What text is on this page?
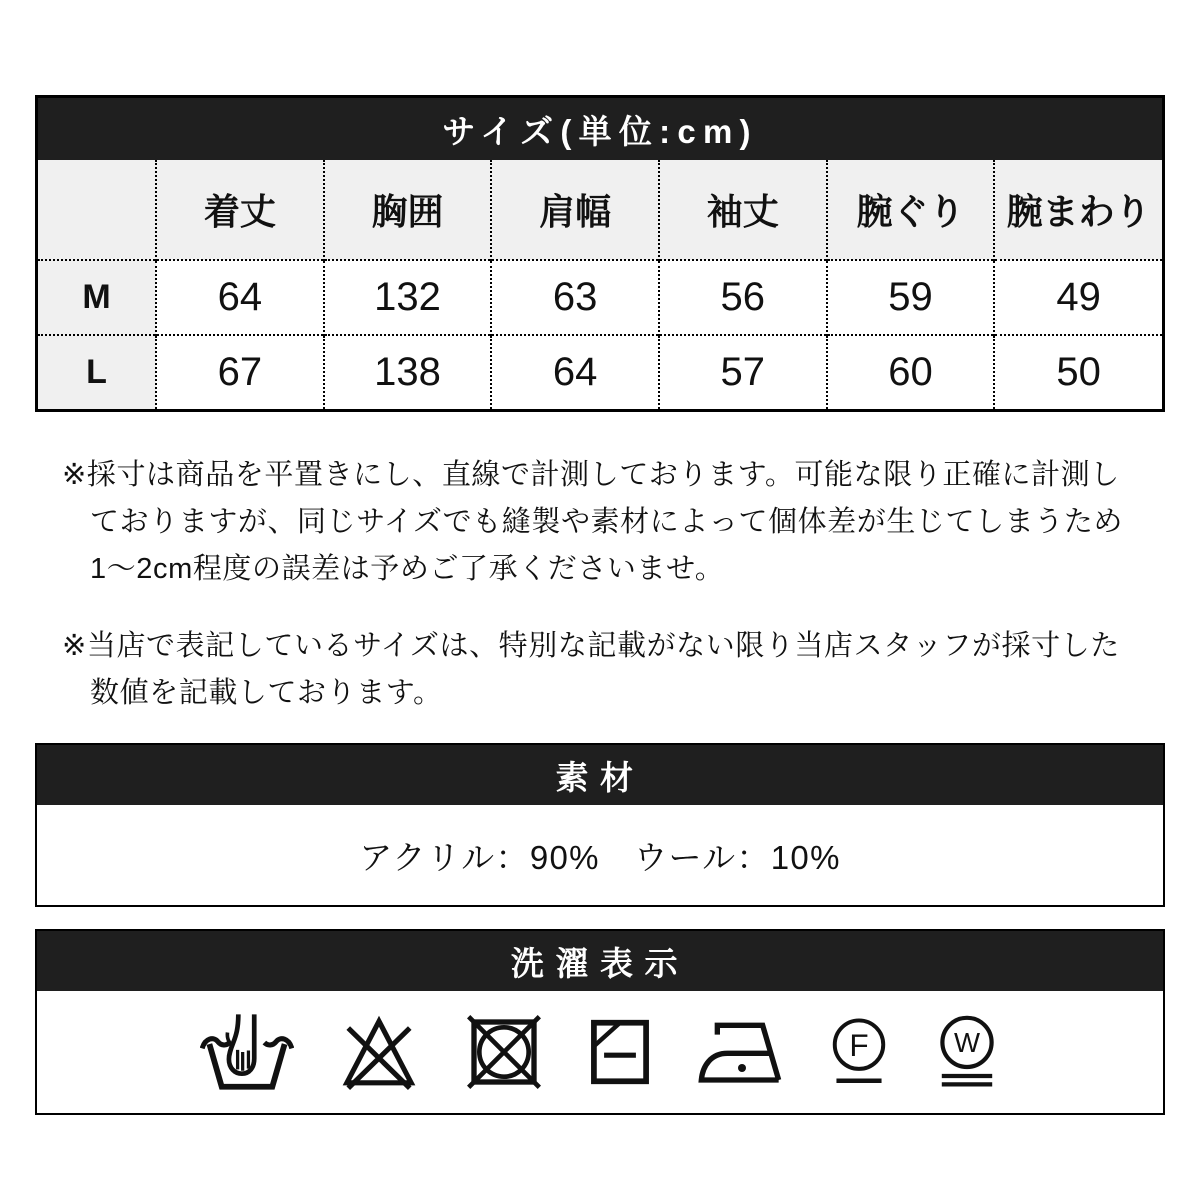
サイズ(単位:cm)
	着丈	胸囲	肩幅	袖丈	腕ぐり	腕まわり
M	64	132	63	56	59	49
L	67	138	64	57	60	50
※採寸は商品を平置きにし、直線で計測しております。可能な限り正確に計測し
ておりますが、同じサイズでも縫製や素材によって個体差が生じてしまうため
1～2cm程度の誤差は予めご了承くださいませ。
※当店で表記しているサイズは、特別な記載がない限り当店スタッフが採寸した
数値を記載しております。
素材
アクリル：90%　ウール：10%
洗濯表示
F W
